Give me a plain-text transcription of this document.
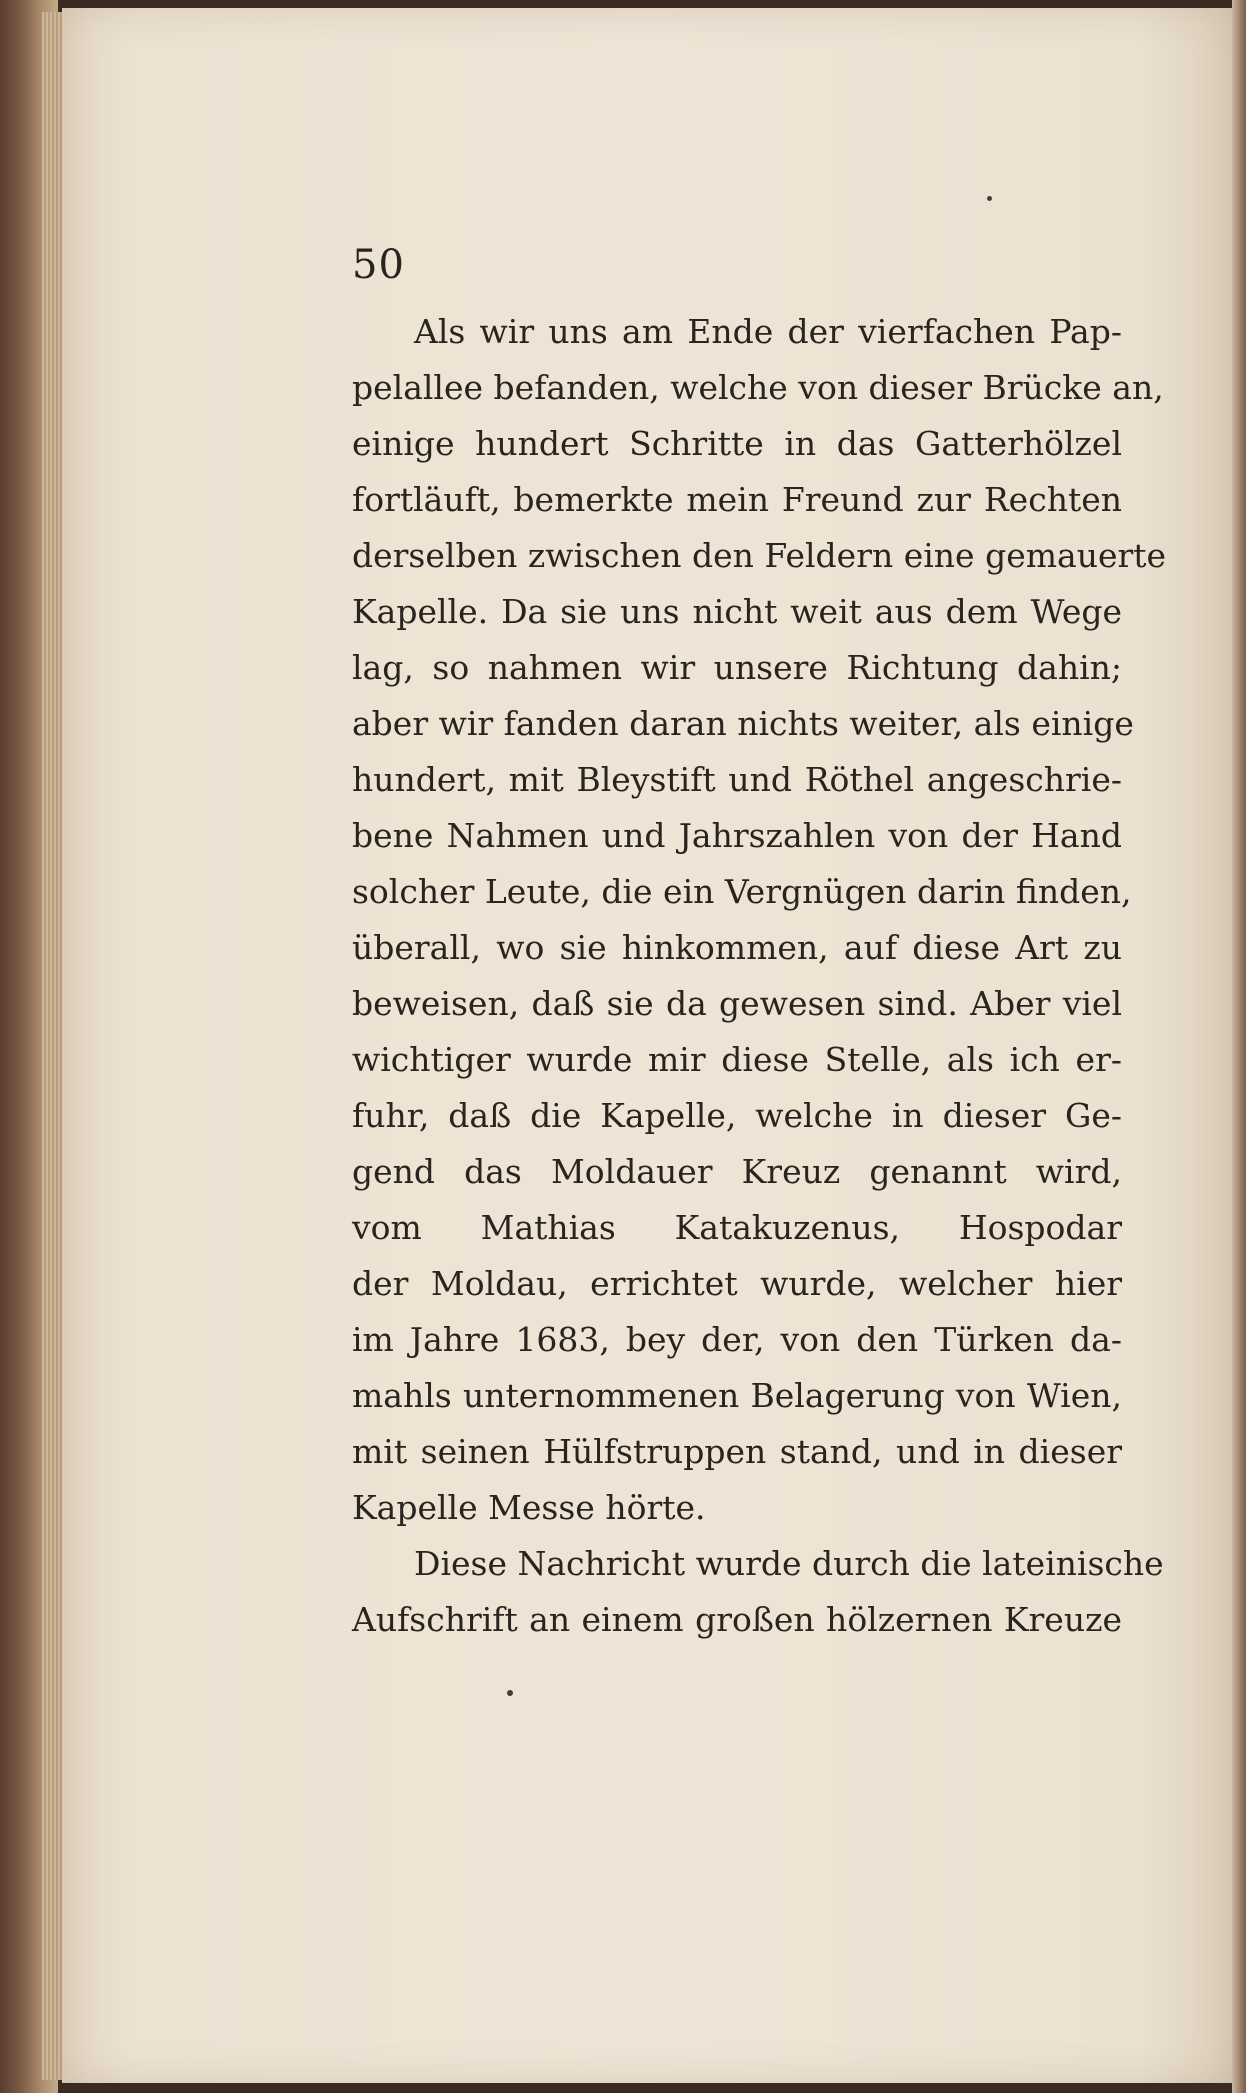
50
Als wir uns am Ende der vierfachen Pap-
pelallee befanden, welche von dieser Brücke an,
einige hundert Schritte in das Gatterhölzel
fortläuft, bemerkte mein Freund zur Rechten
derselben zwischen den Feldern eine gemauerte
Kapelle. Da sie uns nicht weit aus dem Wege
lag, so nahmen wir unsere Richtung dahin;
aber wir fanden daran nichts weiter, als einige
hundert, mit Bleystift und Röthel angeschrie-
bene Nahmen und Jahrszahlen von der Hand
solcher Leute, die ein Vergnügen darin finden,
überall, wo sie hinkommen, auf diese Art zu
beweisen, daß sie da gewesen sind. Aber viel
wichtiger wurde mir diese Stelle, als ich er-
fuhr, daß die Kapelle, welche in dieser Ge-
gend das Moldauer Kreuz genannt wird,
vom Mathias Katakuzenus, Hospodar
der Moldau, errichtet wurde, welcher hier
im Jahre 1683, bey der, von den Türken da-
mahls unternommenen Belagerung von Wien,
mit seinen Hülfstruppen stand, und in dieser
Kapelle Messe hörte.
Diese Nachricht wurde durch die lateinische
Aufschrift an einem großen hölzernen Kreuze
